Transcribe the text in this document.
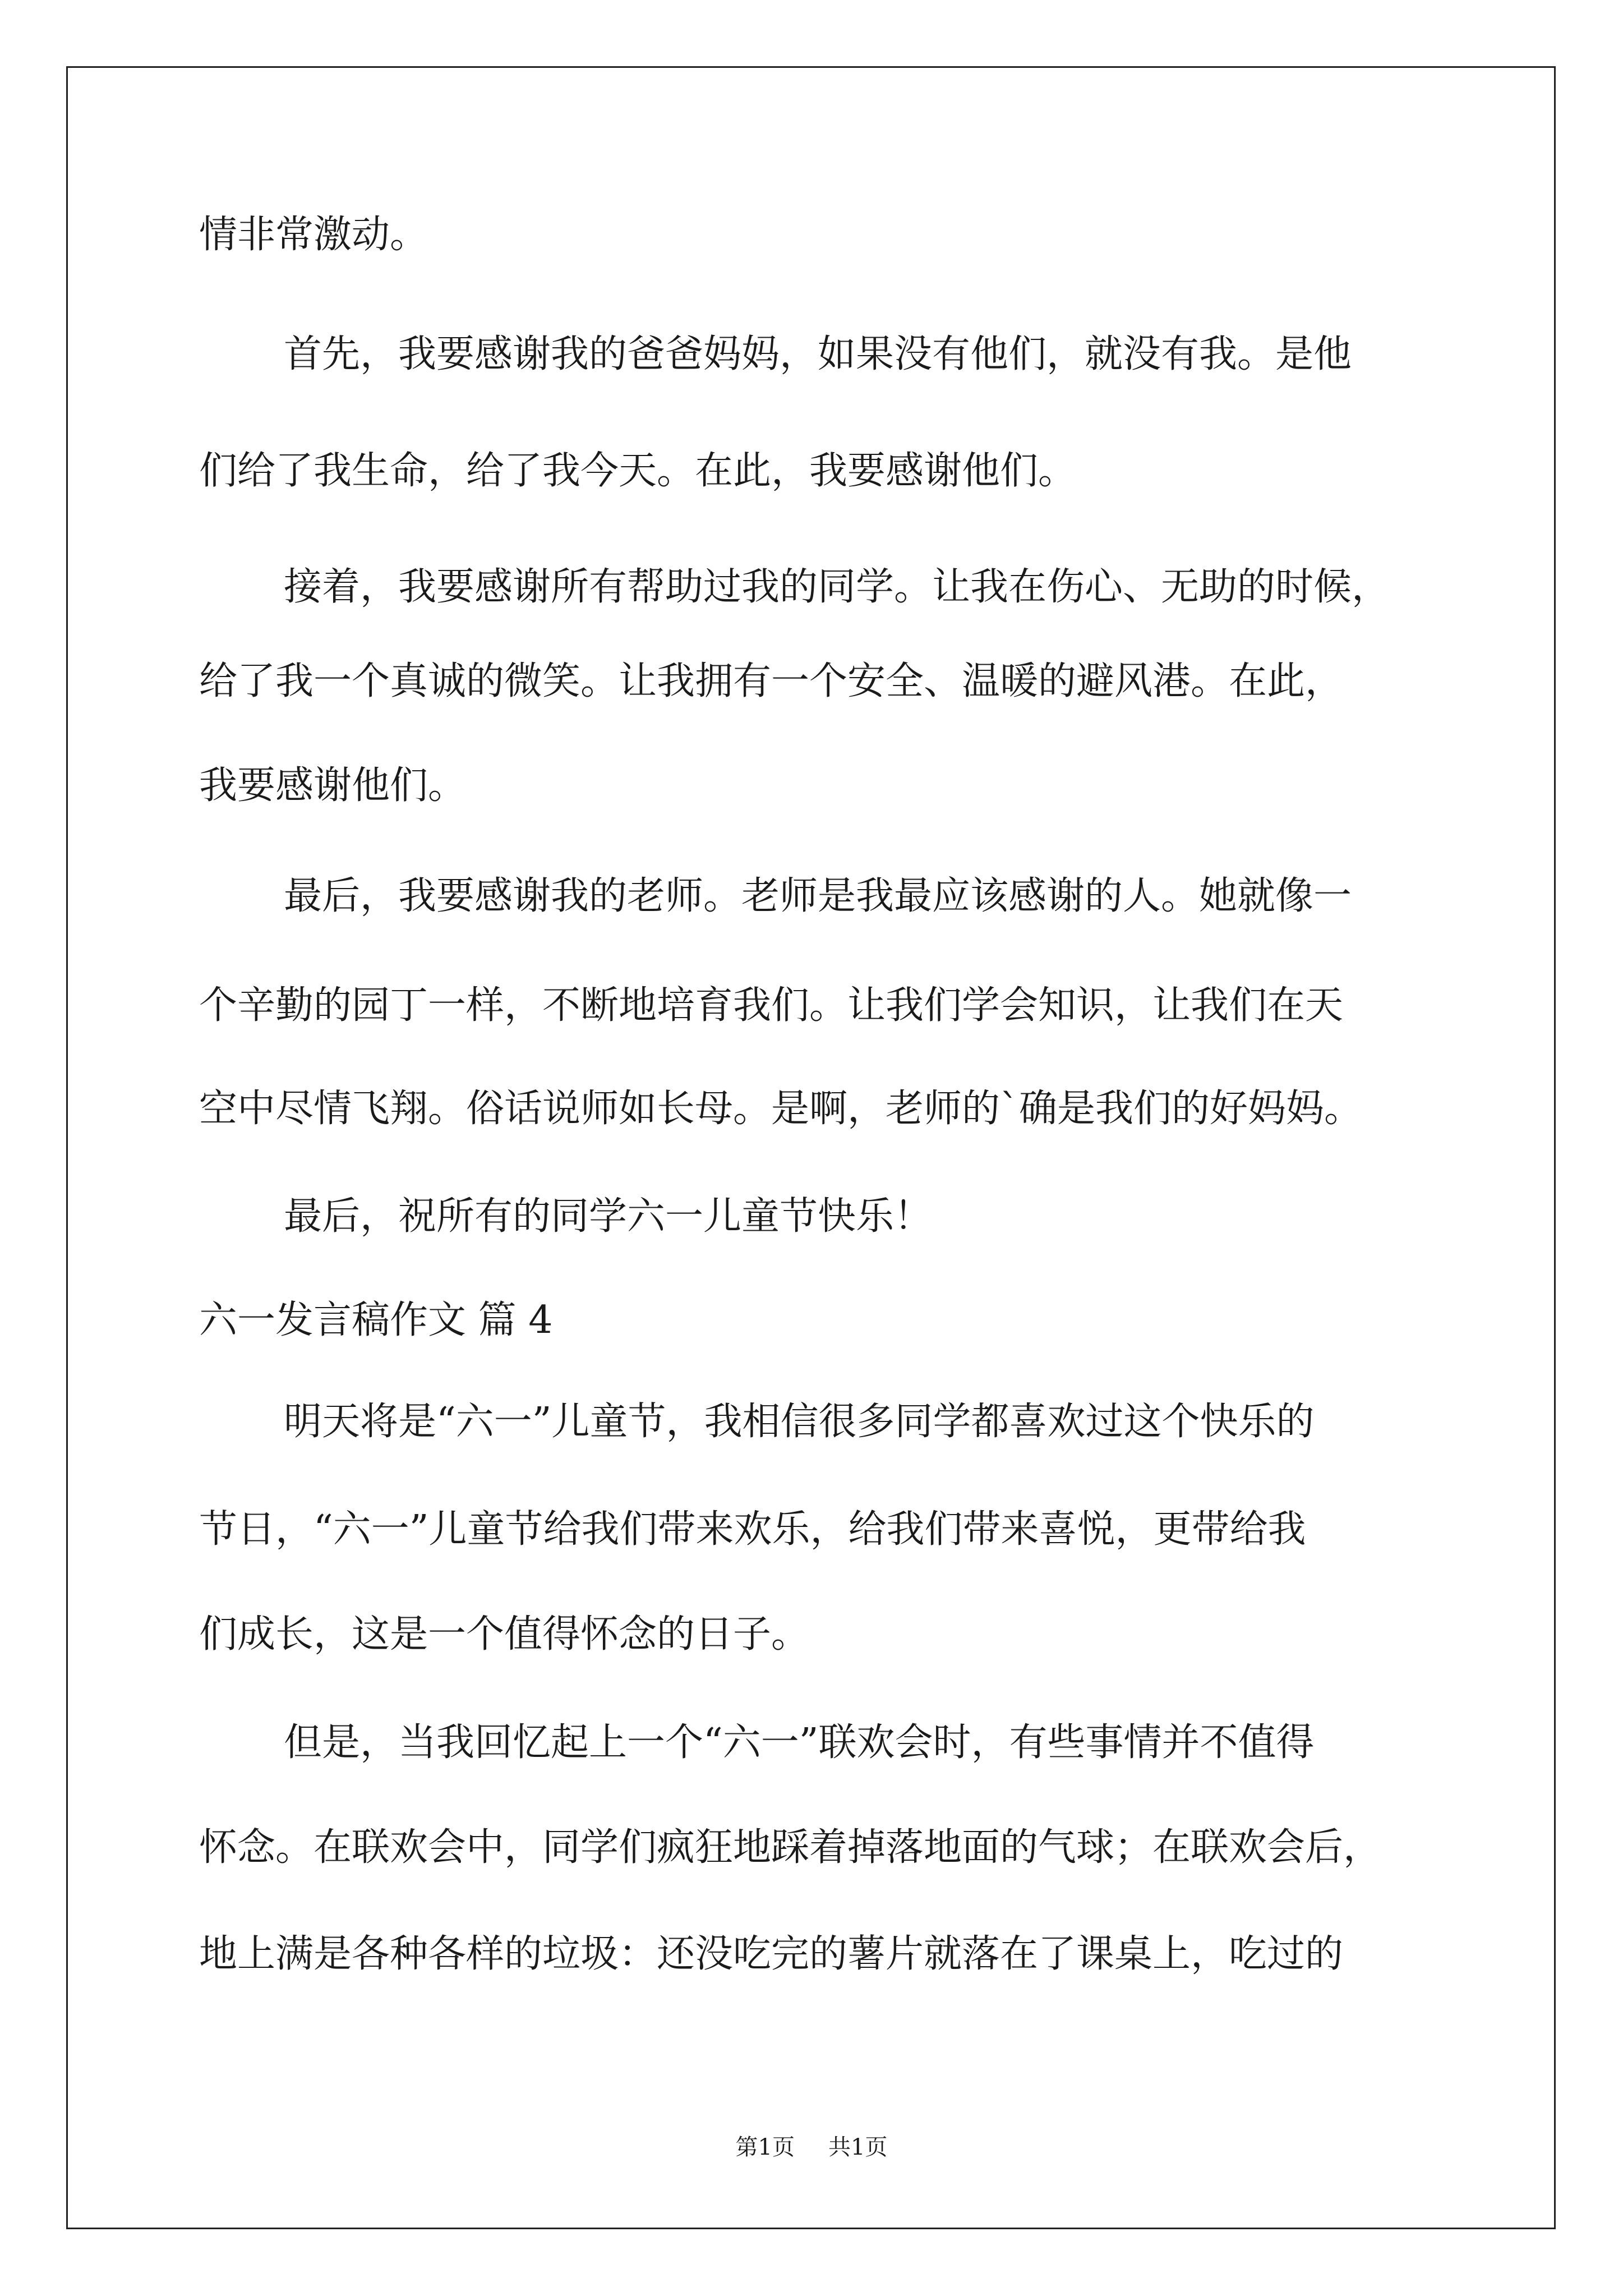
情非常激动。
首先，我要感谢我的爸爸妈妈，如果没有他们，就没有我。是他
们给了我生命，给了我今天。在此，我要感谢他们。
接着，我要感谢所有帮助过我的同学。让我在伤心、无助的时候，
给了我一个真诚的微笑。让我拥有一个安全、温暖的避风港。在此，
我要感谢他们。
最后，我要感谢我的老师。老师是我最应该感谢的人。她就像一
个辛勤的园丁一样，不断地培育我们。让我们学会知识，让我们在天
空中尽情飞翔。俗话说师如长母。是啊，老师的`确是我们的好妈妈。
最后，祝所有的同学六一儿童节快乐！
六一发言稿作文 篇 4
明天将是“六一”儿童节，我相信很多同学都喜欢过这个快乐的
节日，“六一”儿童节给我们带来欢乐，给我们带来喜悦，更带给我
们成长，这是一个值得怀念的日子。
但是，当我回忆起上一个“六一”联欢会时，有些事情并不值得
怀念。在联欢会中，同学们疯狂地踩着掉落地面的气球；在联欢会后，
地上满是各种各样的垃圾：还没吃完的薯片就落在了课桌上，吃过的
第1页 共1页
